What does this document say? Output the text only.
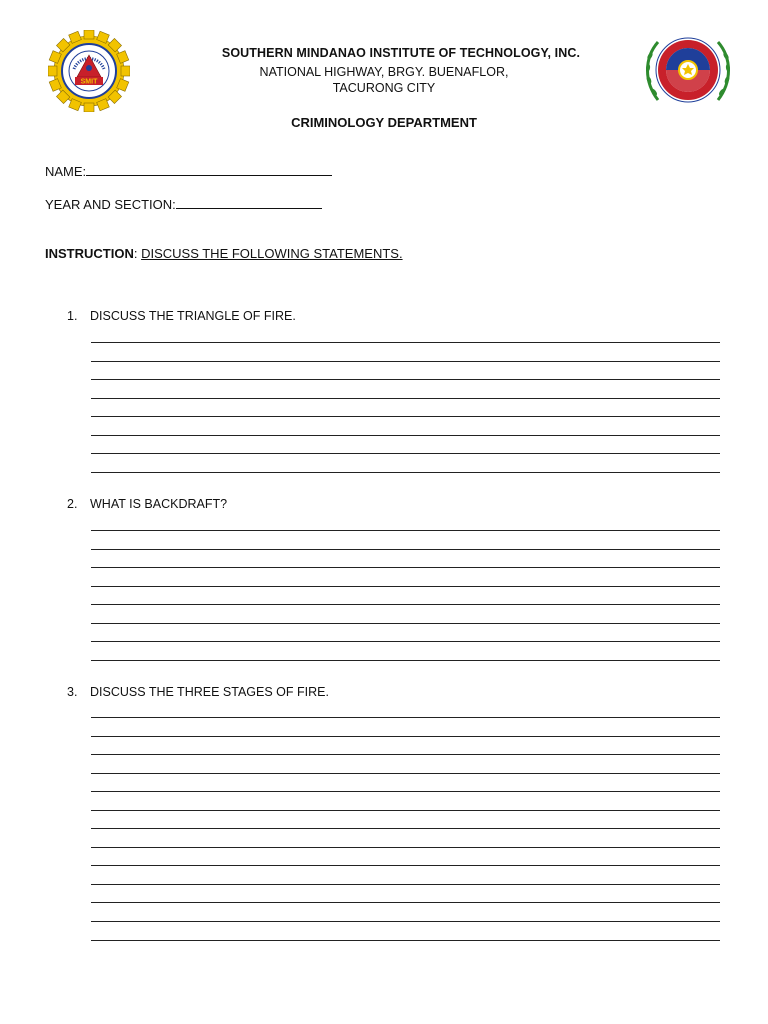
SMIT
SOUTHERN MINDANAO INSTITUTE OF TECHNOLOGY, INC.
NATIONAL HIGHWAY, BRGY. BUENAFLOR,
TACURONG CITY
CRIMINOLOGY DEPARTMENT
NAME:
YEAR AND SECTION:
INSTRUCTION: DISCUSS THE FOLLOWING STATEMENTS.
1. DISCUSS THE TRIANGLE OF FIRE.
2. WHAT IS BACKDRAFT?
3. DISCUSS THE THREE STAGES OF FIRE.
